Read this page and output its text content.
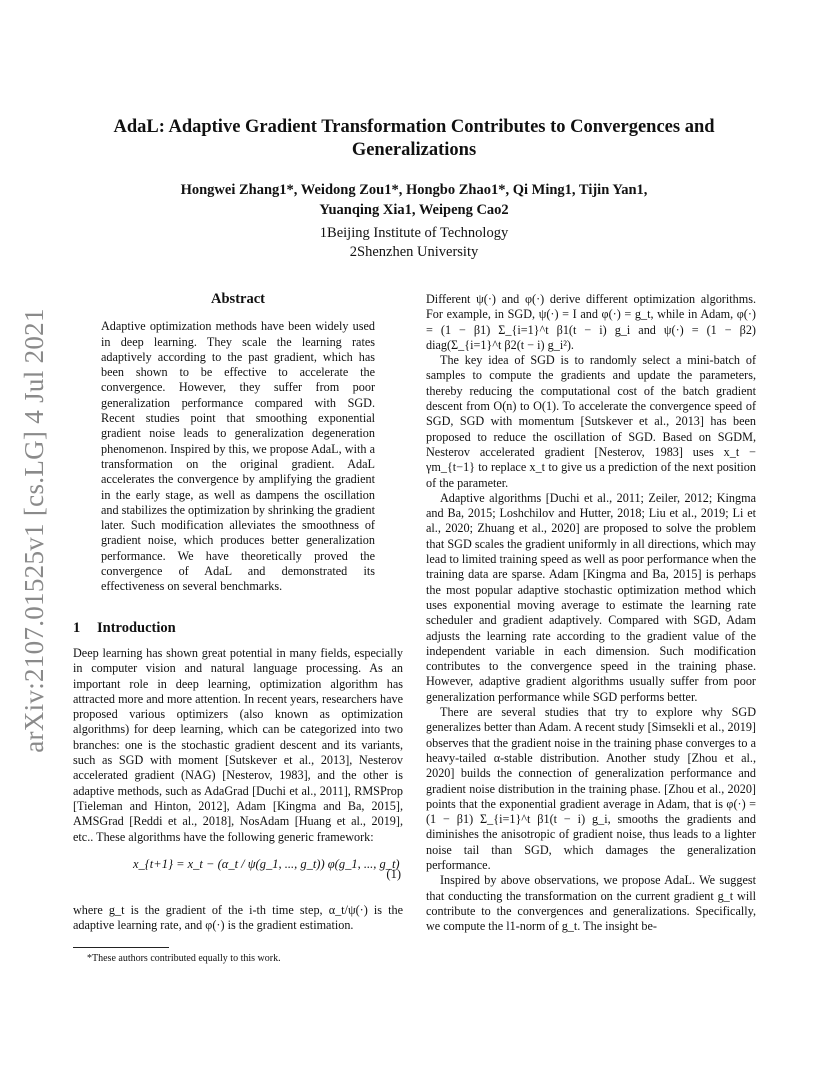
arXiv:2107.01525v1 [cs.LG] 4 Jul 2021
AdaL: Adaptive Gradient Transformation Contributes to Convergences and Generalizations
Hongwei Zhang1*, Weidong Zou1*, Hongbo Zhao1*, Qi Ming1, Tijin Yan1,
Yuanqing Xia1, Weipeng Cao2
1Beijing Institute of Technology
2Shenzhen University
Abstract

Adaptive optimization methods have been widely used in deep learning. They scale the learning rates adaptively according to the past gradient, which has been shown to be effective to accelerate the convergence. However, they suffer from poor generalization performance compared with SGD. Recent studies point that smoothing exponential gradient noise leads to generalization degeneration phenomenon. Inspired by this, we propose AdaL, with a transformation on the original gradient. AdaL accelerates the convergence by amplifying the gradient in the early stage, as well as dampens the oscillation and stabilizes the optimization by shrinking the gradient later. Such modification alleviates the smoothness of gradient noise, which produces better generalization performance. We have theoretically proved the convergence of AdaL and demonstrated its effectiveness on several benchmarks.

1 Introduction

Deep learning has shown great potential in many fields, especially in computer vision and natural language processing. As an important role in deep learning, optimization algorithm has attracted more and more attention. In recent years, researchers have proposed various optimizers (also known as optimization algorithms) for deep learning, which can be categorized into two branches: one is the stochastic gradient descent and its variants, such as SGD with moment [Sutskever et al., 2013], Nesterov accelerated gradient (NAG) [Nesterov, 1983], and the other is adaptive methods, such as AdaGrad [Duchi et al., 2011], RMSProp [Tieleman and Hinton, 2012], Adam [Kingma and Ba, 2015], AMSGrad [Reddi et al., 2018], NosAdam [Huang et al., 2019], etc.. These algorithms have the following generic framework:

x_{t+1} = x_t − (α_t / ψ(g_1, ..., g_t)) φ(g_1, ..., g_t)
(1)

where g_t is the gradient of the i-th time step, α_t/ψ(·) is the adaptive learning rate, and φ(·) is the gradient estimation.

*These authors contributed equally to this work.

Different ψ(·) and φ(·) derive different optimization algorithms. For example, in SGD, ψ(·) = I and φ(·) = g_t, while in Adam, φ(·) = (1 − β1) Σ_{i=1}^t β1(t − i) g_i and ψ(·) = (1 − β2) diag(Σ_{i=1}^t β2(t − i) g_i²).

The key idea of SGD is to randomly select a mini-batch of samples to compute the gradients and update the parameters, thereby reducing the computational cost of the batch gradient descent from O(n) to O(1). To accelerate the convergence speed of SGD, SGD with momentum [Sutskever et al., 2013] has been proposed to reduce the oscillation of SGD. Based on SGDM, Nesterov accelerated gradient [Nesterov, 1983] uses x_t − γm_{t−1} to replace x_t to give us a prediction of the next position of the parameter.

Adaptive algorithms [Duchi et al., 2011; Zeiler, 2012; Kingma and Ba, 2015; Loshchilov and Hutter, 2018; Liu et al., 2019; Li et al., 2020; Zhuang et al., 2020] are proposed to solve the problem that SGD scales the gradient uniformly in all directions, which may lead to limited training speed as well as poor performance when the training data are sparse. Adam [Kingma and Ba, 2015] is perhaps the most popular adaptive stochastic optimization method which uses exponential moving average to estimate the learning rate scheduler and gradient adaptively. Compared with SGD, Adam adjusts the learning rate according to the gradient value of the independent variable in each dimension. Such modification contributes to the convergence speed in the training phase. However, adaptive gradient algorithms usually suffer from poor generalization performance while SGD performs better.

There are several studies that try to explore why SGD generalizes better than Adam. A recent study [Simsekli et al., 2019] observes that the gradient noise in the training phase converges to a heavy-tailed α-stable distribution. Another study [Zhou et al., 2020] builds the connection of generalization performance and gradient noise distribution in the training phase. [Zhou et al., 2020] points that the exponential gradient average in Adam, that is φ(·) = (1 − β1) Σ_{i=1}^t β1(t − i) g_i, smooths the gradients and diminishes the anisotropic of gradient noise, thus leads to a lighter noise tail than SGD, which damages the generalization performance.

Inspired by above observations, we propose AdaL. We suggest that conducting the transformation on the current gradient g_t will contribute to the convergences and generalizations. Specifically, we compute the l1-norm of g_t. The insight be-
